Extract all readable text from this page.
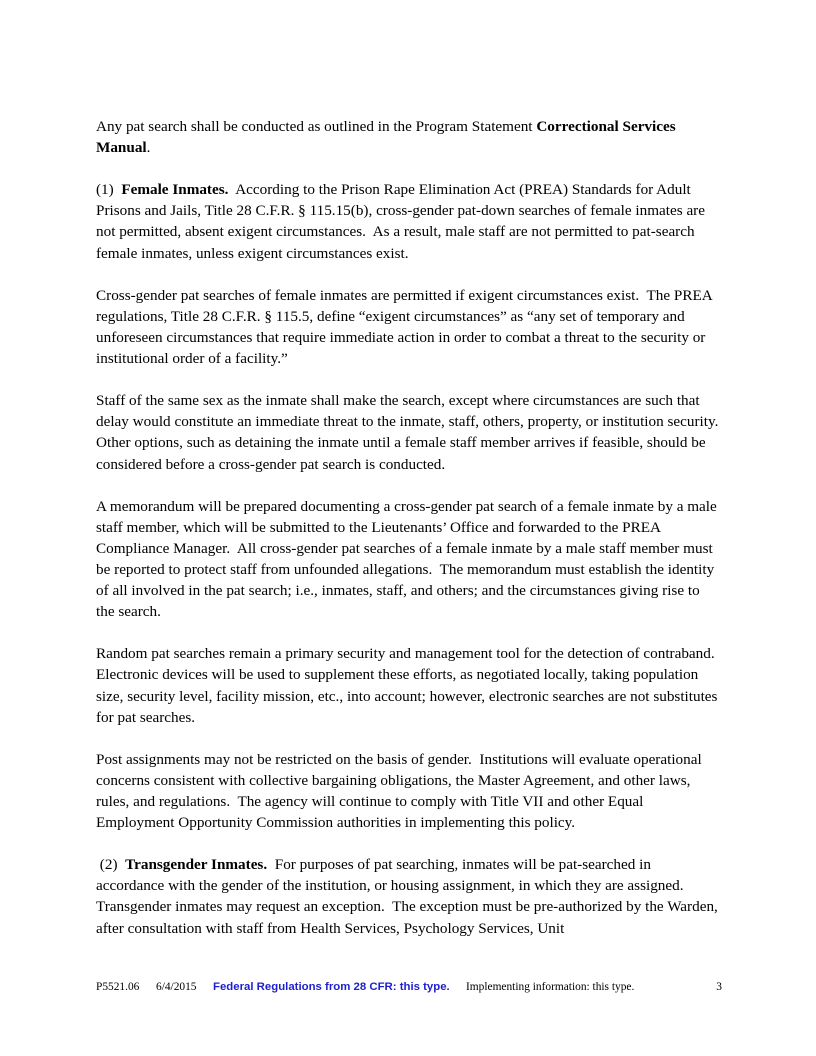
Any pat search shall be conducted as outlined in the Program Statement Correctional Services Manual.

(1)  Female Inmates.  According to the Prison Rape Elimination Act (PREA) Standards for Adult Prisons and Jails, Title 28 C.F.R. § 115.15(b), cross-gender pat-down searches of female inmates are not permitted, absent exigent circumstances.  As a result, male staff are not permitted to pat-search female inmates, unless exigent circumstances exist.

Cross-gender pat searches of female inmates are permitted if exigent circumstances exist.  The PREA regulations, Title 28 C.F.R. § 115.5, define “exigent circumstances” as “any set of temporary and unforeseen circumstances that require immediate action in order to combat a threat to the security or institutional order of a facility.”

Staff of the same sex as the inmate shall make the search, except where circumstances are such that delay would constitute an immediate threat to the inmate, staff, others, property, or institution security.  Other options, such as detaining the inmate until a female staff member arrives if feasible, should be considered before a cross-gender pat search is conducted.

A memorandum will be prepared documenting a cross-gender pat search of a female inmate by a male staff member, which will be submitted to the Lieutenants’ Office and forwarded to the PREA Compliance Manager.  All cross-gender pat searches of a female inmate by a male staff member must be reported to protect staff from unfounded allegations.  The memorandum must establish the identity of all involved in the pat search; i.e., inmates, staff, and others; and the circumstances giving rise to the search.

Random pat searches remain a primary security and management tool for the detection of contraband.  Electronic devices will be used to supplement these efforts, as negotiated locally, taking population size, security level, facility mission, etc., into account; however, electronic searches are not substitutes for pat searches.

Post assignments may not be restricted on the basis of gender.  Institutions will evaluate operational concerns consistent with collective bargaining obligations, the Master Agreement, and other laws, rules, and regulations.  The agency will continue to comply with Title VII and other Equal Employment Opportunity Commission authorities in implementing this policy.

(2)  Transgender Inmates.  For purposes of pat searching, inmates will be pat-searched in accordance with the gender of the institution, or housing assignment, in which they are assigned. Transgender inmates may request an exception.  The exception must be pre-authorized by the Warden, after consultation with staff from Health Services, Psychology Services, Unit

P5521.06 6/4/2015 Federal Regulations from 28 CFR: this type. Implementing information: this type.	3
